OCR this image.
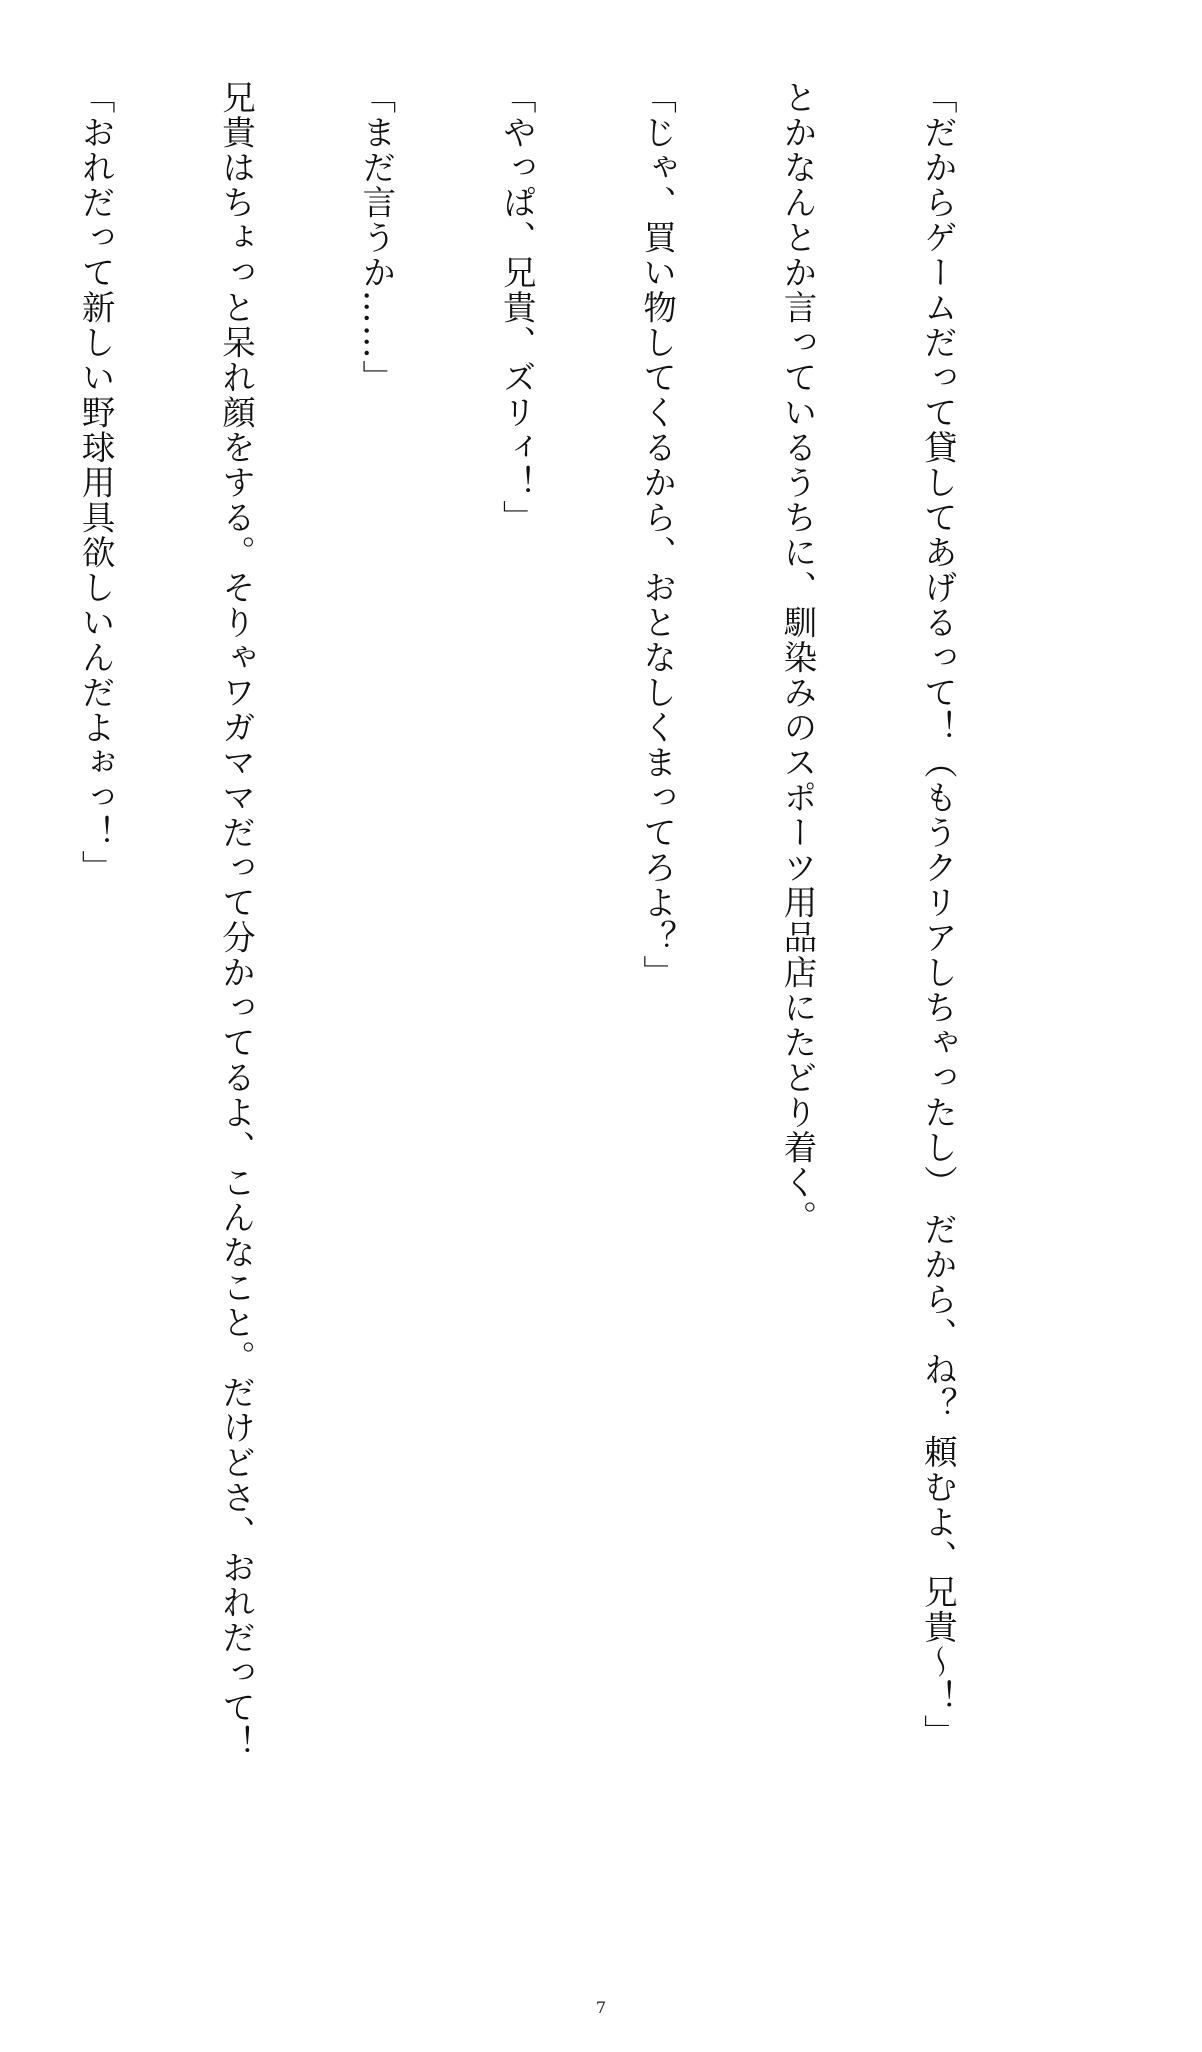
「だからゲームだって貸してあげるって！（もうクリアしちゃったし） だから、ね？ 頼むよ、兄貴～！」

とかなんとか言っているうちに、馴染みのスポーツ用品店にたどり着く。

「じゃ、買い物してくるから、おとなしくまってろよ？」

「やっぱ、兄貴、ズリィ！」

「まだ言うか……」

兄貴はちょっと呆れ顔をする。そりゃワガママだって分かってるよ、こんなこと。だけどさ、おれだって！

「おれだって新しい野球用具欲しいんだよぉっ！」

7
